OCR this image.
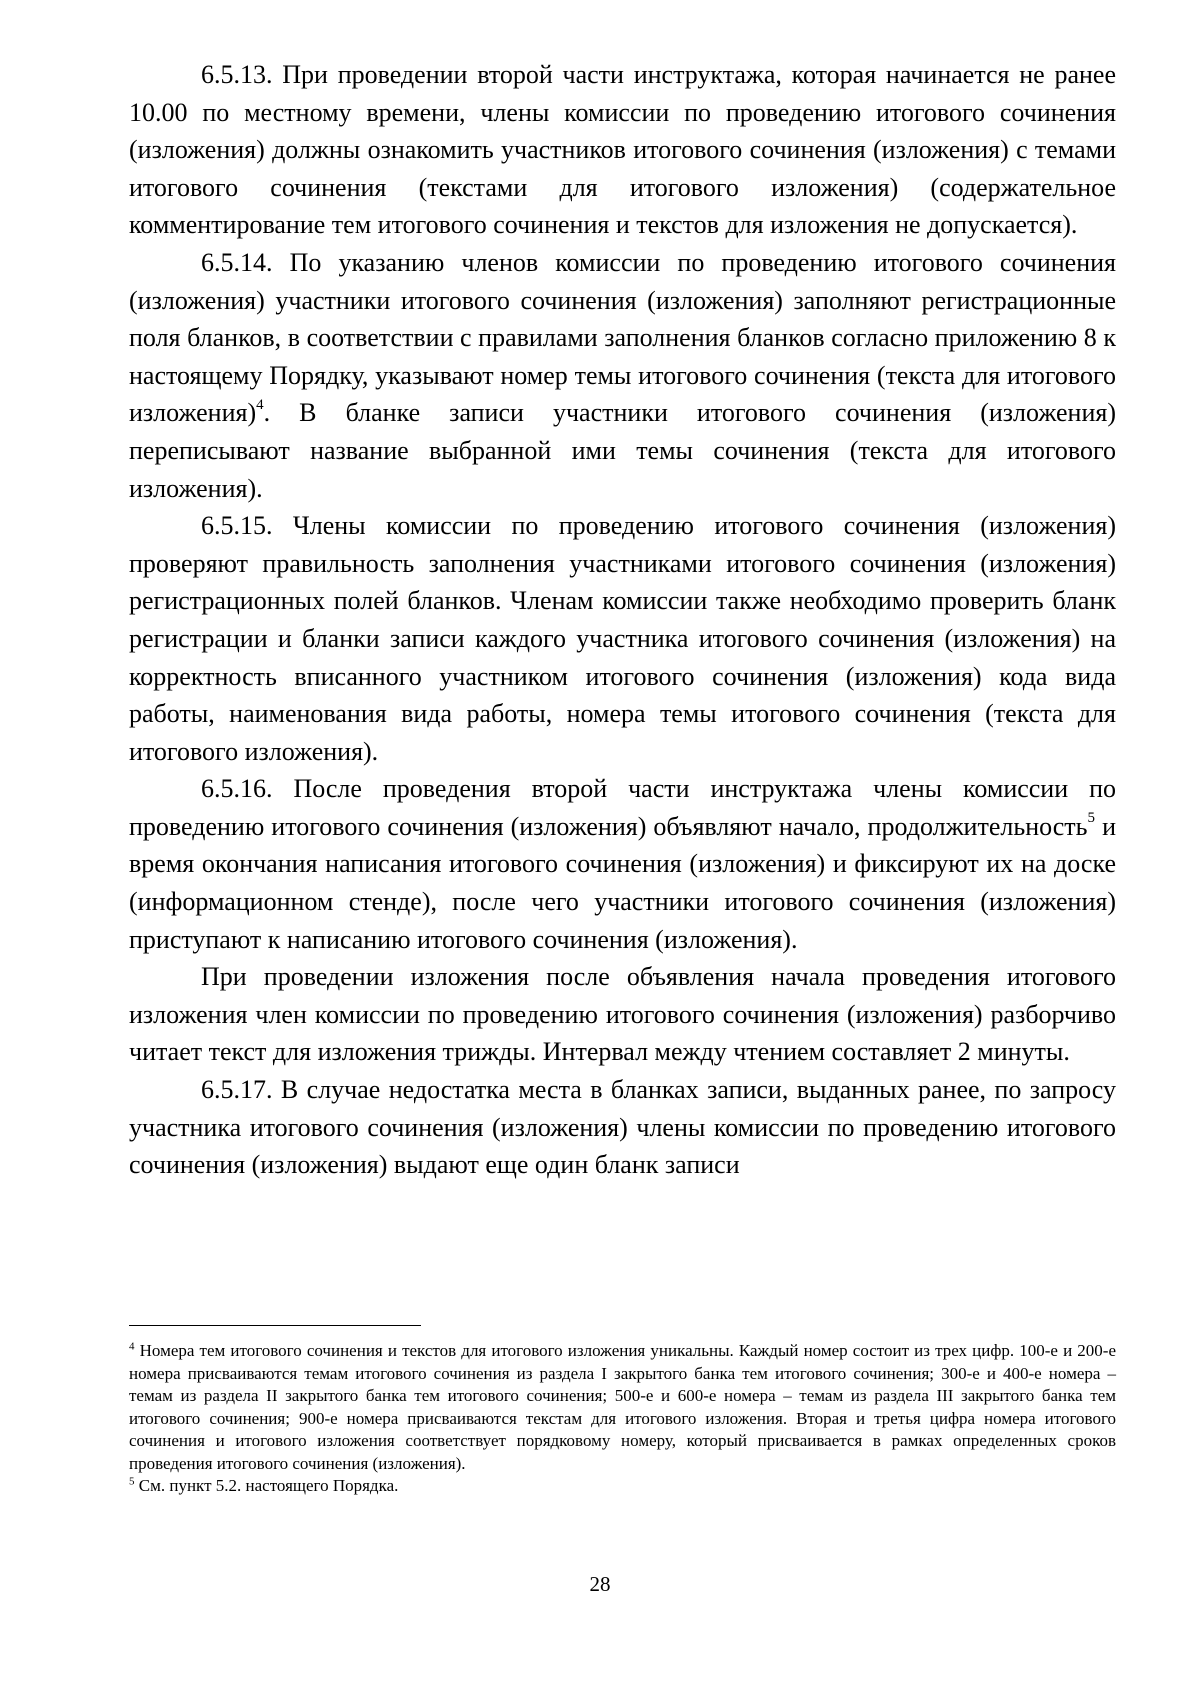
6.5.13. При проведении второй части инструктажа, которая начинается не ранее 10.00 по местному времени, члены комиссии по проведению итогового сочинения (изложения) должны ознакомить участников итогового сочинения (изложения) с темами итогового сочинения (текстами для итогового изложения) (содержательное комментирование тем итогового сочинения и текстов для изложения не допускается).

6.5.14. По указанию членов комиссии по проведению итогового сочинения (изложения) участники итогового сочинения (изложения) заполняют регистрационные поля бланков, в соответствии с правилами заполнения бланков согласно приложению 8 к настоящему Порядку, указывают номер темы итогового сочинения (текста для итогового изложения)$^4$. В бланке записи участники итогового сочинения (изложения) переписывают название выбранной ими темы сочинения (текста для итогового изложения).

6.5.15. Члены комиссии по проведению итогового сочинения (изложения) проверяют правильность заполнения участниками итогового сочинения (изложения) регистрационных полей бланков. Членам комиссии также необходимо проверить бланк регистрации и бланки записи каждого участника итогового сочинения (изложения) на корректность вписанного участником итогового сочинения (изложения) кода вида работы, наименования вида работы, номера темы итогового сочинения (текста для итогового изложения).

6.5.16. После проведения второй части инструктажа члены комиссии по проведению итогового сочинения (изложения) объявляют начало, продолжительность$^5$ и время окончания написания итогового сочинения (изложения) и фиксируют их на доске (информационном стенде), после чего участники итогового сочинения (изложения) приступают к написанию итогового сочинения (изложения).

При проведении изложения после объявления начала проведения итогового изложения член комиссии по проведению итогового сочинения (изложения) разборчиво читает текст для изложения трижды. Интервал между чтением составляет 2 минуты.

6.5.17. В случае недостатка места в бланках записи, выданных ранее, по запросу участника итогового сочинения (изложения) члены комиссии по проведению итогового сочинения (изложения) выдают еще один бланк записи

$^4$ Номера тем итогового сочинения и текстов для итогового изложения уникальны. Каждый номер состоит из трех цифр. 100-е и 200-е номера присваиваются темам итогового сочинения из раздела I закрытого банка тем итогового сочинения; 300-е и 400-е номера – темам из раздела II закрытого банка тем итогового сочинения; 500-е и 600-е номера – темам из раздела III закрытого банка тем итогового сочинения; 900-е номера присваиваются текстам для итогового изложения. Вторая и третья цифра номера итогового сочинения и итогового изложения соответствует порядковому номеру, который присваивается в рамках определенных сроков проведения итогового сочинения (изложения).

$^5$ См. пункт 5.2. настоящего Порядка.

28
